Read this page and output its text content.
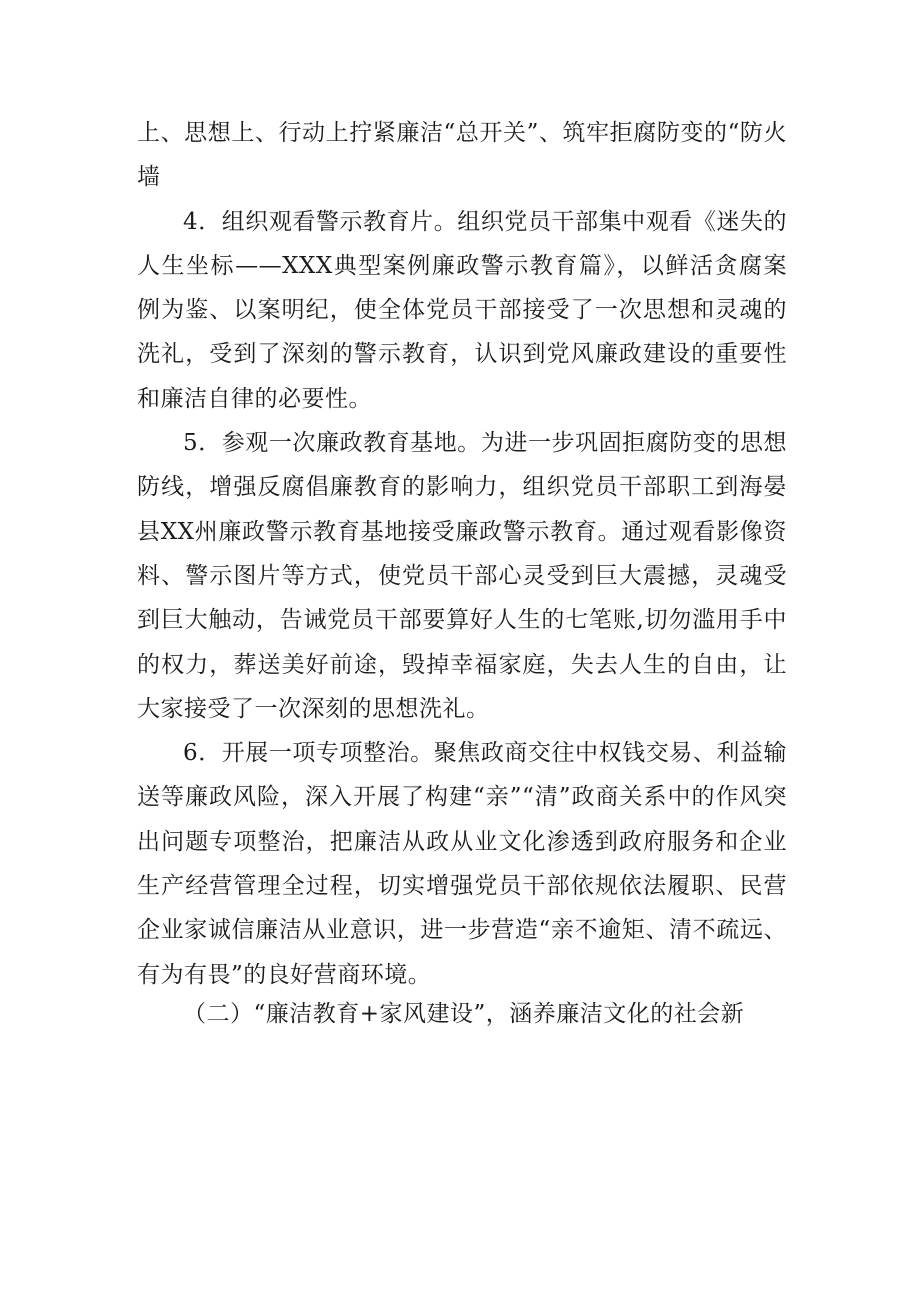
上、思想上、行动上拧紧廉洁“总开关”、筑牢拒腐防变的“防火墙

4．组织观看警示教育片。组织党员干部集中观看《迷失的人生坐标——XXX典型案例廉政警示教育篇》，以鲜活贪腐案例为鉴、以案明纪，使全体党员干部接受了一次思想和灵魂的洗礼，受到了深刻的警示教育，认识到党风廉政建设的重要性和廉洁自律的必要性。

5．参观一次廉政教育基地。为进一步巩固拒腐防变的思想防线，增强反腐倡廉教育的影响力，组织党员干部职工到海晏县XX州廉政警示教育基地接受廉政警示教育。通过观看影像资料、警示图片等方式，使党员干部心灵受到巨大震撼，灵魂受到巨大触动，告诫党员干部要算好人生的七笔账,切勿滥用手中的权力，葬送美好前途，毁掉幸福家庭，失去人生的自由，让大家接受了一次深刻的思想洗礼。

6．开展一项专项整治。聚焦政商交往中权钱交易、利益输送等廉政风险，深入开展了构建“亲”“清”政商关系中的作风突出问题专项整治，把廉洁从政从业文化渗透到政府服务和企业生产经营管理全过程，切实增强党员干部依规依法履职、民营企业家诚信廉洁从业意识，进一步营造“亲不逾矩、清不疏远、有为有畏”的良好营商环境。

（二）“廉洁教育+家风建设”，涵养廉洁文化的社会新
